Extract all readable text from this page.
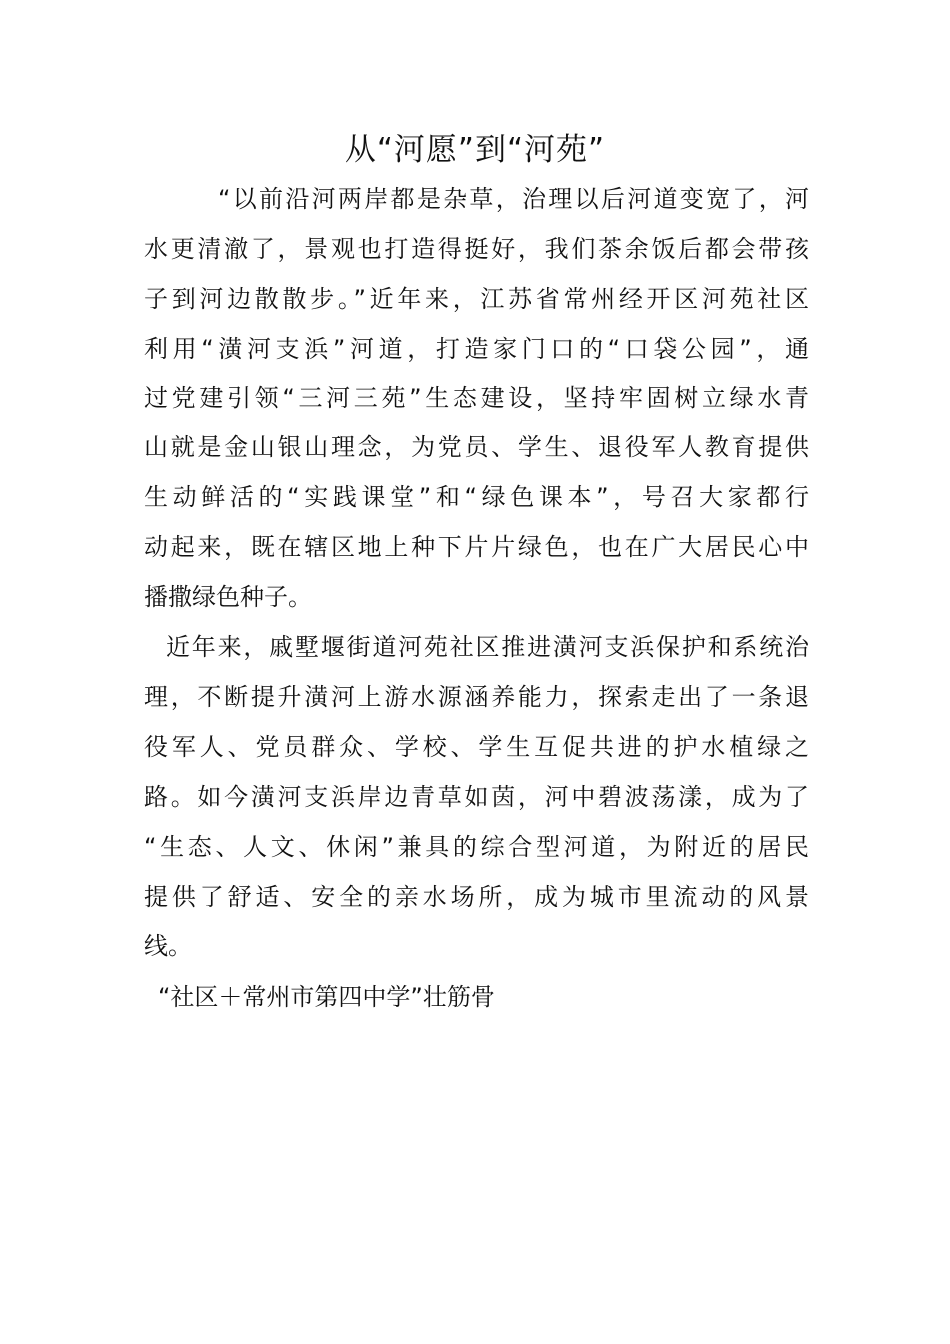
从“河愿”到“河苑”
“以前沿河两岸都是杂草，治理以后河道变宽了，河
水更清澈了，景观也打造得挺好，我们茶余饭后都会带孩
子到河边散散步。”近年来，江苏省常州经开区河苑社区
利用“潢河支浜”河道，打造家门口的“口袋公园”，通
过党建引领“三河三苑”生态建设，坚持牢固树立绿水青
山就是金山银山理念，为党员、学生、退役军人教育提供
生动鲜活的“实践课堂”和“绿色课本”，号召大家都行
动起来，既在辖区地上种下片片绿色，也在广大居民心中
播撒绿色种子。
近年来，戚墅堰街道河苑社区推进潢河支浜保护和系统治
理，不断提升潢河上游水源涵养能力，探索走出了一条退
役军人、党员群众、学校、学生互促共进的护水植绿之
路。如今潢河支浜岸边青草如茵，河中碧波荡漾，成为了
“生态、人文、休闲”兼具的综合型河道，为附近的居民
提供了舒适、安全的亲水场所，成为城市里流动的风景
线。
“社区＋常州市第四中学”壮筋骨
